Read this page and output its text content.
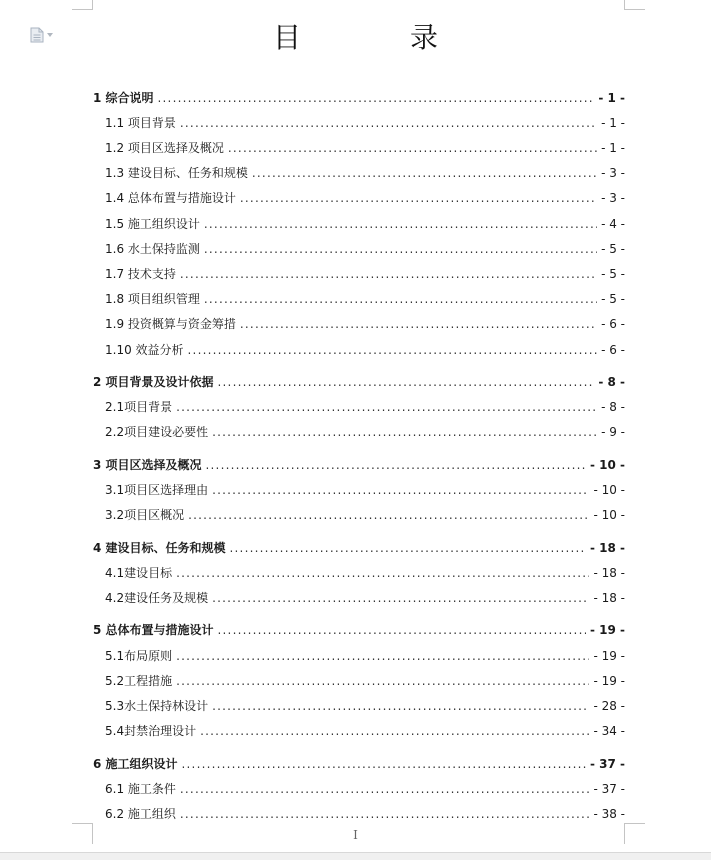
目 录
1 综合说明 .....	- 1 -
1.1 项目背景 .....	- 1 -
1.2 项目区选择及概况 .....	- 1 -
1.3 建设目标、任务和规模 .....	- 3 -
1.4 总体布置与措施设计 .....	- 3 -
1.5 施工组织设计 .....	- 4 -
1.6 水土保持监测 .....	- 5 -
1.7 技术支持 .....	- 5 -
1.8 项目组织管理 .....	- 5 -
1.9 投资概算与资金筹措 .....	- 6 -
1.10 效益分析 .....	- 6 -
2 项目背景及设计依据 .....	- 8 -
2.1项目背景 .....	- 8 -
2.2项目建设必要性 .....	- 9 -
3 项目区选择及概况 .....	- 10 -
3.1项目区选择理由 .....	- 10 -
3.2项目区概况 .....	- 10 -
4 建设目标、任务和规模 .....	- 18 -
4.1建设目标 .....	- 18 -
4.2建设任务及规模 .....	- 18 -
5 总体布置与措施设计 .....	- 19 -
5.1布局原则 .....	- 19 -
5.2工程措施 .....	- 19 -
5.3水土保持林设计 .....	- 28 -
5.4封禁治理设计 .....	- 34 -
6 施工组织设计 .....	- 37 -
6.1 施工条件 .....	- 37 -
6.2 施工组织 .....	- 38 -
I
